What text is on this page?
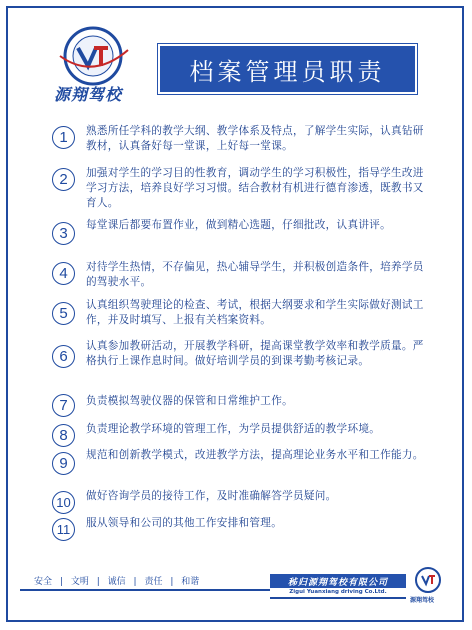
源翔驾校
档案管理员职责
1	熟悉所任学科的教学大纲、教学体系及特点，了解学生实际，认真钻研教材，认真备好每一堂课，上好每一堂课。
2	加强对学生的学习目的性教育，调动学生的学习积极性，指导学生改进学习方法，培养良好学习习惯。结合教材有机进行德育渗透，既教书又育人。
3	每堂课后都要布置作业，做到精心选题，仔细批改，认真讲评。
4	对待学生热情，不存偏见，热心辅导学生，并积极创造条件，培养学员的驾驶水平。
5	认真组织驾驶理论的检查、考试，根据大纲要求和学生实际做好测试工作，并及时填写、上报有关档案资料。
6
认真参加教研活动，开展教学科研，提高课堂教学效率和教学质量。严格执行上课作息时间。做好培训学员的到课考勤考核记录。
7	负责模拟驾驶仪器的保管和日常维护工作。
8	负责理论教学环境的管理工作，为学员提供舒适的教学环境。
9	规范和创新教学模式，改进教学方法，提高理论业务水平和工作能力。
10	做好咨询学员的接待工作，及时准确解答学员疑问。
11	服从领导和公司的其他工作安排和管理。
安全 | 文明 | 诚信 | 责任 | 和谐	秭归源翔驾校有限公司
Zigui Yuanxiang driving Co.Ltd.
源翔驾校
